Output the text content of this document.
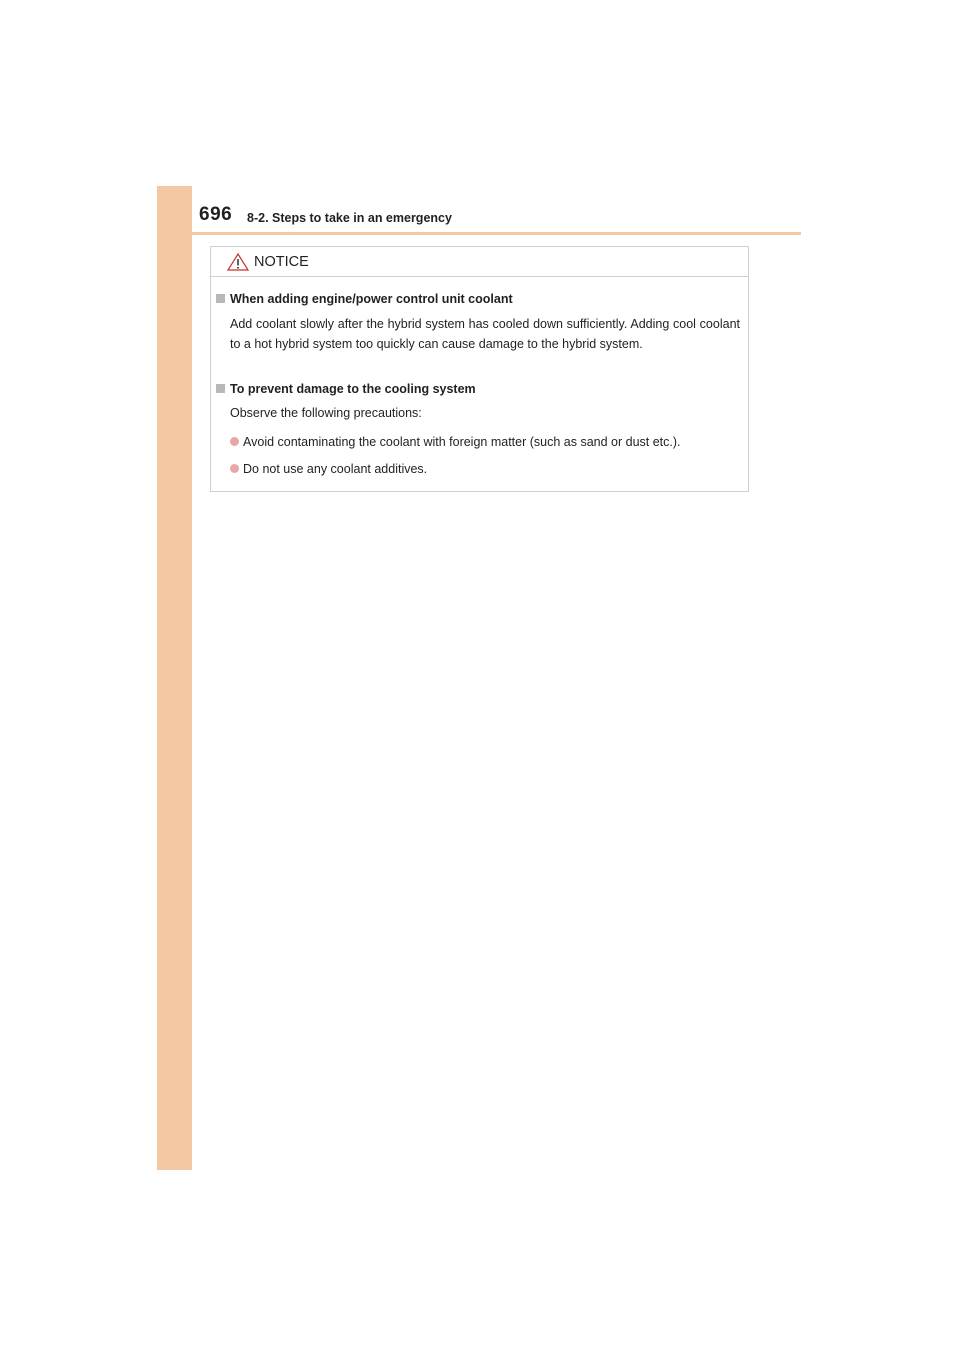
696 8-2. Steps to take in an emergency
NOTICE
When adding engine/power control unit coolant
Add coolant slowly after the hybrid system has cooled down sufficiently. Adding cool coolant to a hot hybrid system too quickly can cause damage to the hybrid system.
To prevent damage to the cooling system
Observe the following precautions:
Avoid contaminating the coolant with foreign matter (such as sand or dust etc.).
Do not use any coolant additives.
